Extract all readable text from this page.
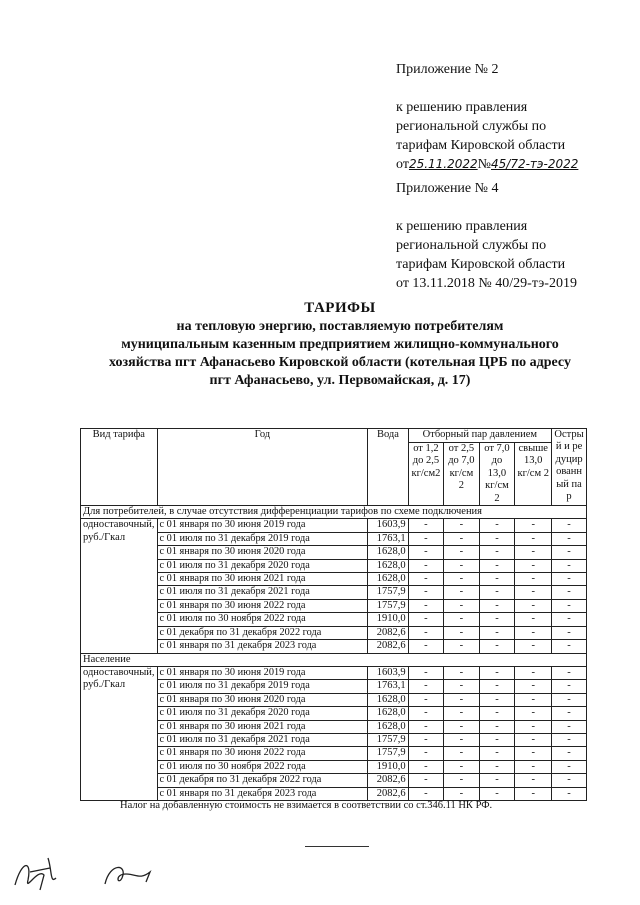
Приложение № 2

к решению правления

региональной службы по

тарифам Кировской области

от25.11.2022№45/72-тэ-2022

Приложение № 4

к решению правления

региональной службы по

тарифам Кировской области

от 13.11.2018 № 40/29-тэ-2019

ТАРИФЫ
на тепловую энергию, поставляемую потребителям
муниципальным казенным предприятием жилищно-коммунального
хозяйства пгт Афанасьево Кировской области (котельная ЦРБ по адресу
пгт Афанасьево, ул. Первомайская, д. 17)
Вид тарифа	Год	Вода	Отборный пар давлением				Острый и редуцированный пар
			от 1,2 до 2,5 кг/см2	от 2,5 до 7,0 кг/см 2	от 7,0 до 13,0 кг/см 2	свыше 13,0 кг/см 2	
Для потребителей, в случае отсутствия дифференциации тарифов по схеме подключения							
одноставочный, руб./Гкал	с 01 января по 30 июня 2019 года	1603,9	-	-	-	-	-
	с 01 июля по 31 декабря 2019 года	1763,1	-	-	-	-	-
	с 01 января по 30 июня 2020 года	1628,0	-	-	-	-	-
	с 01 июля по 31 декабря 2020 года	1628,0	-	-	-	-	-
	с 01 января по 30 июня 2021 года	1628,0	-	-	-	-	-
	с 01 июля по 31 декабря 2021 года	1757,9	-	-	-	-	-
	с 01 января по 30 июня 2022 года	1757,9	-	-	-	-	-
	с 01 июля по 30 ноября 2022 года	1910,0	-	-	-	-	-
	с 01 декабря по 31 декабря 2022 года	2082,6	-	-	-	-	-
	с 01 января по 31 декабря 2023 года	2082,6	-	-	-	-	-
Население							
одноставочный, руб./Гкал	с 01 января по 30 июня 2019 года	1603,9	-	-	-	-	-
	с 01 июля по 31 декабря 2019 года	1763,1	-	-	-	-	-
	с 01 января по 30 июня 2020 года	1628,0	-	-	-	-	-
	с 01 июля по 31 декабря 2020 года	1628,0	-	-	-	-	-
	с 01 января по 30 июня 2021 года	1628,0	-	-	-	-	-
	с 01 июля по 31 декабря 2021 года	1757,9	-	-	-	-	-
	с 01 января по 30 июня 2022 года	1757,9	-	-	-	-	-
	с 01 июля по 30 ноября 2022 года	1910,0	-	-	-	-	-
	с 01 декабря по 31 декабря 2022 года	2082,6	-	-	-	-	-
	с 01 января по 31 декабря 2023 года	2082,6	-	-	-	-	-
Налог на добавленную стоимость не взимается в соответствии со ст.346.11 НК РФ.
